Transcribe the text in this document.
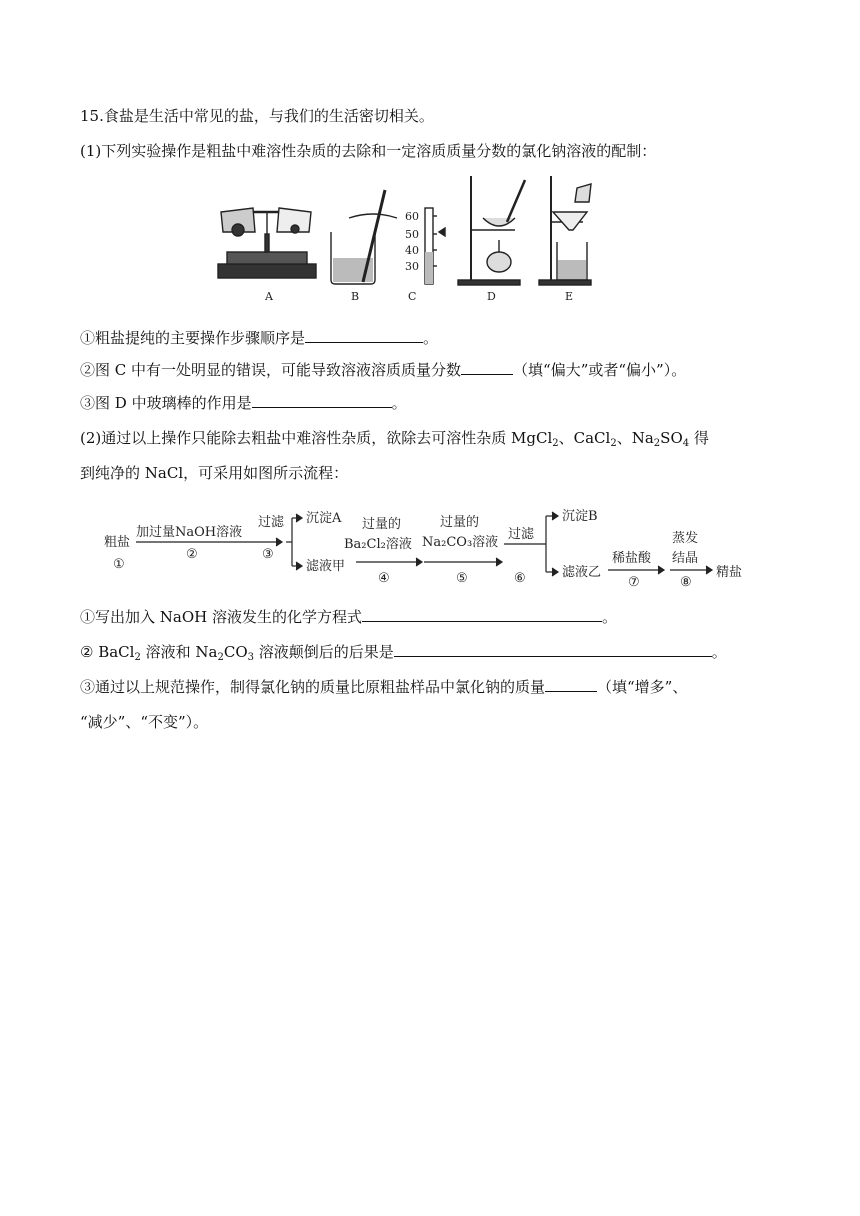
15.食盐是生活中常见的盐，与我们的生活密切相关。
(1)下列实验操作是粗盐中难溶性杂质的去除和一定溶质质量分数的氯化钠溶液的配制：
A	B	C	D	E
60
50
40
30
①粗盐提纯的主要操作步骤顺序是	。
②图 C 中有一处明显的错误，可能导致溶液溶质质量分数	（填“偏大”或者“偏小”）。
③图 D 中玻璃棒的作用是	。
(2)通过以上操作只能除去粗盐中难溶性杂质，欲除去可溶性杂质 MgCl$_2$、CaCl$_2$、$Na_2SO_4$ 得
到纯净的 NaCl，可采用如图所示流程：
粗盐
①
加过量NaOH溶液
②
过滤
③
沉淀A
滤液甲
过量的
Ba₂Cl₂溶液
④
过量的
Na₂CO₃溶液
⑤
过滤
⑥
沉淀B
滤液乙
稀盐酸
⑦
蒸发
结晶
⑧
精盐
①写出加入 NaOH 溶液发生的化学方程式	。
② BaCl$_2$ 溶液和 $Na_2CO_3$ 溶液颠倒后的后果是	。
③通过以上规范操作，制得氯化钠的质量比原粗盐样品中氯化钠的质量	（填“增多”、
“减少”、“不变”）。
